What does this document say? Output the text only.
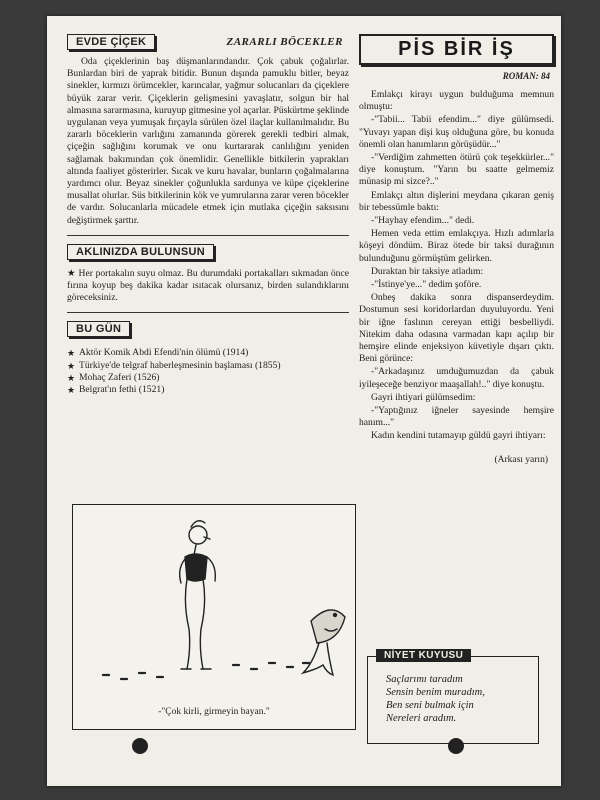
EVDE ÇİÇEK	ZARARLI BÖCEKLER

Oda çiçeklerinin baş düşmanlarındandır. Çok çabuk çoğalırlar. Bunlardan biri de yaprak bitidir. Bunun dışında pamuklu bitler, beyaz sinekler, kırmızı örümcekler, karıncalar, yağmur solucanları da çiçeklere büyük zarar verir. Çiçeklerin gelişmesini yavaşlatır, solgun bir hal almasına sararmasına, kuruyup gitmesine yol açarlar. Püskürtme şeklinde uygulanan veya yumuşak fırçayla sürülen özel ilaçlar kullanılmalıdır. Bu zararlı böceklerin varlığını zamanında görerek gerekli tedbiri almak, çiçeğin sağlığını korumak ve onu kurtararak canlılığını yeniden sağlamak bakımından çok önemlidir. Genellikle bitkilerin yaprakları altında faaliyet gösterirler. Sıcak ve kuru havalar, bunların çoğalmalarına yardımcı olur. Beyaz sinekler çoğunlukla sardunya ve küpe çiçeklerine musallat olurlar. Süs bitkilerinin kök ve yumrularına zarar veren böcekler de vardır. Solucanlarla mücadele etmek için mutlaka çiçeğin saksısını değiştirmek şarttır.

AKLINIZDA BULUNSUN

★ Her portakalın suyu olmaz. Bu durumdaki portakalları sıkmadan önce fırına koyup beş dakika kadar ısıtacak olursanız, birden sulandıklarını göreceksiniz.

BU GÜN
★ Aktör Komik Abdi Efendi'nin ölümü (1914)
★ Türkiye'de telgraf haberleşmesinin başlaması (1855)
★ Mohaç Zaferi (1526)
★ Belgrat'ın fethi (1521)
-"Çok kirli, girmeyin bayan."
PİS BİR İŞ
ROMAN: 84

Emlakçı kirayı uygun bulduğuma memnun olmuştu:

-"Tabii... Tabii efendim..." diye gülümsedi. "Yuvayı yapan dişi kuş olduğuna göre, bu konuda önemli olan hanımların görüşüdür..."

-"Verdiğim zahmetten ötürü çok teşekkürler..." diye konuştum. "Yarın bu saatte gelmemiz münasip mi sizce?.."

Emlakçı altın dişlerini meydana çıkaran geniş bir tebessümle baktı:

-"Hayhay efendim..." dedi.

Hemen veda ettim emlakçıya. Hızlı adımlarla köşeyi döndüm. Biraz ötede bir taksi durağının bulunduğunu görmüştüm gelirken.

Duraktan bir taksiye atladım:

-"İstinye'ye..." dedim şoföre.

Onbeş dakika sonra dispanserdeydim. Dostumun sesi koridorlardan duyuluyordu. Yeni bir iğne faslının cereyan ettiği besbelliydi. Nitekim daha odasına varmadan kapı açılıp bir hemşire elinde enjeksiyon küvetiyle dışarı çıktı. Beni görünce:

-"Arkadaşınız umduğumuzdan da çabuk iyileşeceğe benziyor maaşallah!.." diye konuştu.

Gayri ihtiyari gülümsedim:

-"Yaptığınız iğneler sayesinde hemşire hanım..."

Kadın kendini tutamayıp güldü gayri ihtiyarı:

(Arkası yarın)
NİYET KUYUSU
Saçlarımı taradım
Sensin benim muradım,
Ben seni bulmak için
Nereleri aradım.
